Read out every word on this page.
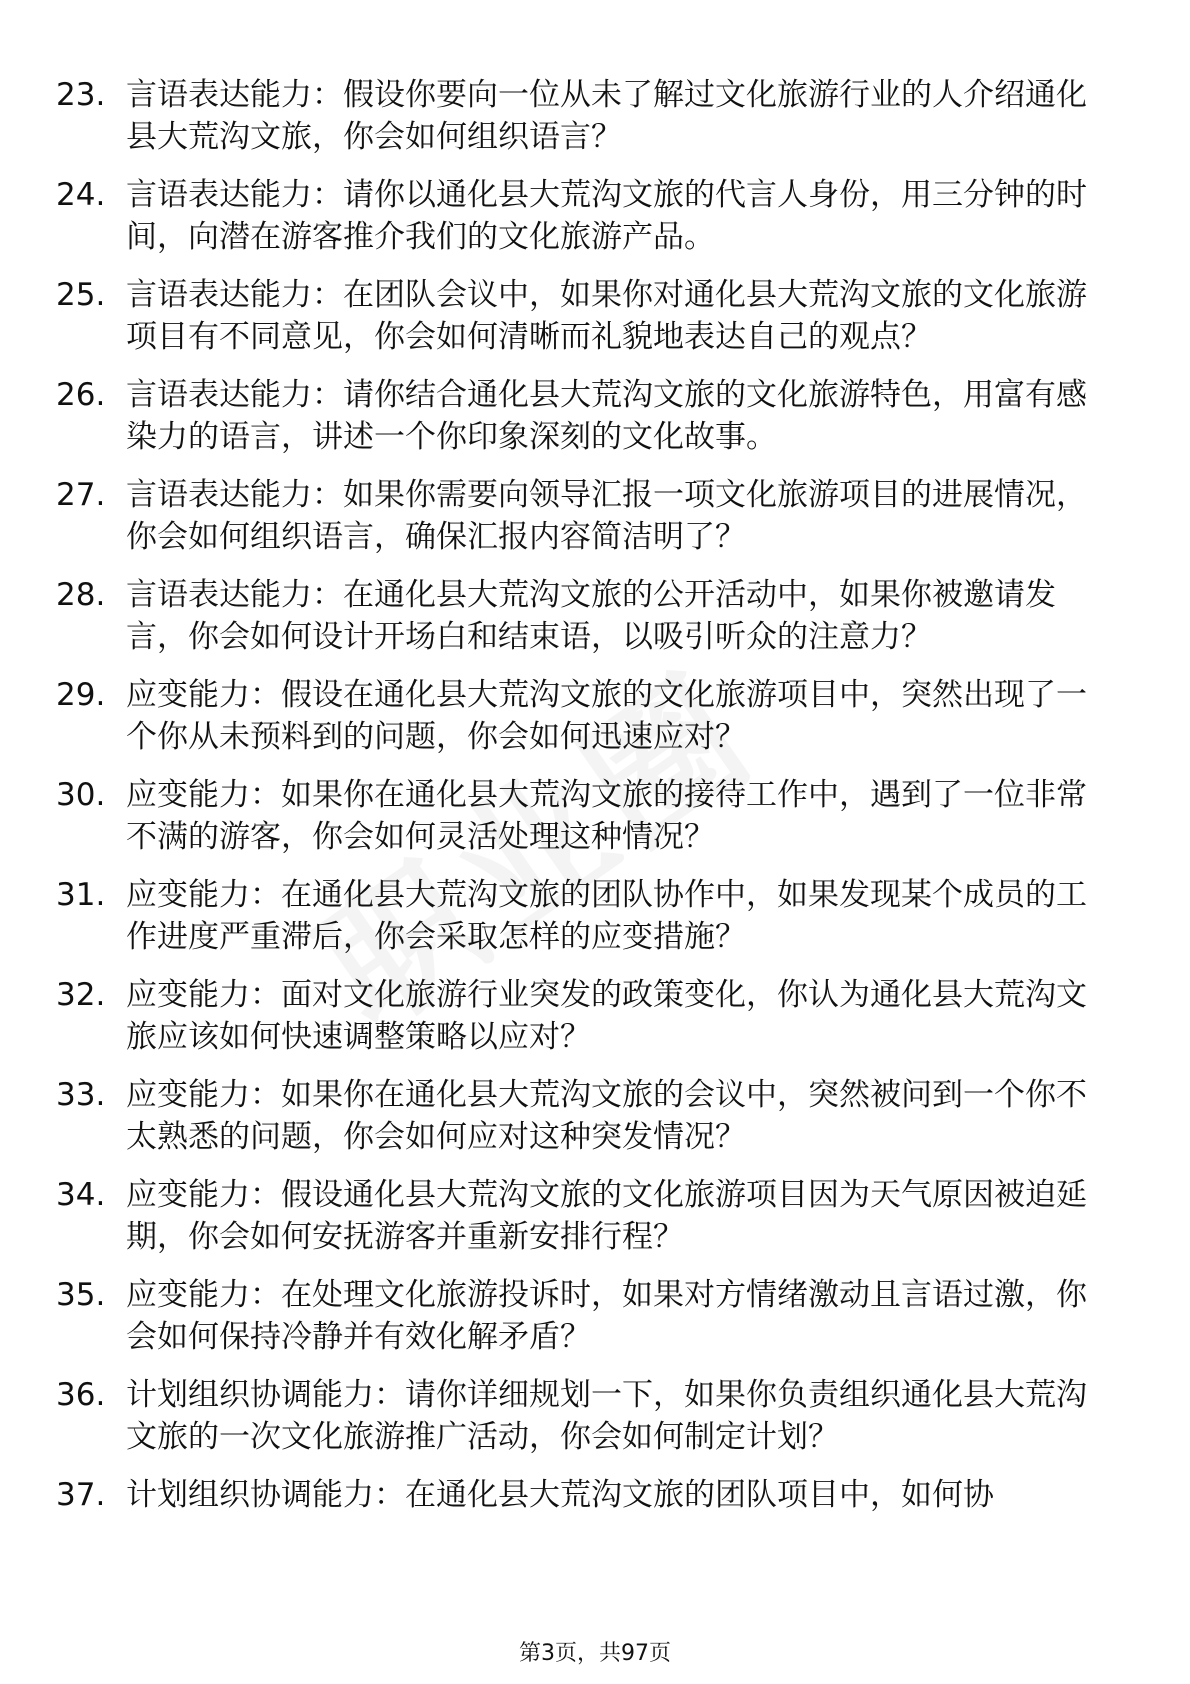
23. 言语表达能力：假设你要向一位从未了解过文化旅游行业的人介绍通化县大荒沟文旅，你会如何组织语言？
24. 言语表达能力：请你以通化县大荒沟文旅的代言人身份，用三分钟的时间，向潜在游客推介我们的文化旅游产品。
25. 言语表达能力：在团队会议中，如果你对通化县大荒沟文旅的文化旅游项目有不同意见，你会如何清晰而礼貌地表达自己的观点？
26. 言语表达能力：请你结合通化县大荒沟文旅的文化旅游特色，用富有感染力的语言，讲述一个你印象深刻的文化故事。
27. 言语表达能力：如果你需要向领导汇报一项文化旅游项目的进展情况，你会如何组织语言，确保汇报内容简洁明了？
28. 言语表达能力：在通化县大荒沟文旅的公开活动中，如果你被邀请发言，你会如何设计开场白和结束语，以吸引听众的注意力？
29. 应变能力：假设在通化县大荒沟文旅的文化旅游项目中，突然出现了一个你从未预料到的问题，你会如何迅速应对？
30. 应变能力：如果你在通化县大荒沟文旅的接待工作中，遇到了一位非常不满的游客，你会如何灵活处理这种情况？
31. 应变能力：在通化县大荒沟文旅的团队协作中，如果发现某个成员的工作进度严重滞后，你会采取怎样的应变措施？
32. 应变能力：面对文化旅游行业突发的政策变化，你认为通化县大荒沟文旅应该如何快速调整策略以应对？
33. 应变能力：如果你在通化县大荒沟文旅的会议中，突然被问到一个你不太熟悉的问题，你会如何应对这种突发情况？
34. 应变能力：假设通化县大荒沟文旅的文化旅游项目因为天气原因被迫延期，你会如何安抚游客并重新安排行程？
35. 应变能力：在处理文化旅游投诉时，如果对方情绪激动且言语过激，你会如何保持冷静并有效化解矛盾？
36. 计划组织协调能力：请你详细规划一下，如果你负责组织通化县大荒沟文旅的一次文化旅游推广活动，你会如何制定计划？
37. 计划组织协调能力：在通化县大荒沟文旅的团队项目中，如何协
第3页，共97页
